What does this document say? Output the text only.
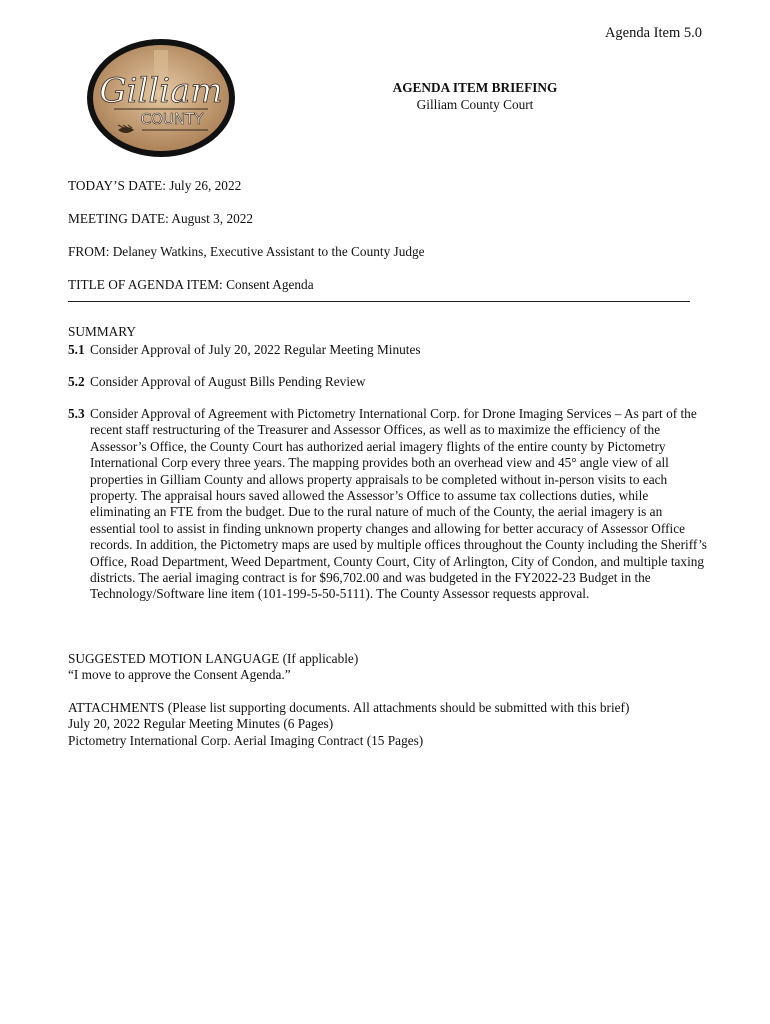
Agenda Item 5.0
Gilliam
COUNTY
AGENDA ITEM BRIEFING
Gilliam County Court
TODAY’S DATE: July 26, 2022
MEETING DATE: August 3, 2022
FROM: Delaney Watkins, Executive Assistant to the County Judge
TITLE OF AGENDA ITEM: Consent Agenda
SUMMARY
5.1 Consider Approval of July 20, 2022 Regular Meeting Minutes
5.2 Consider Approval of August Bills Pending Review
5.3 Consider Approval of Agreement with Pictometry International Corp. for Drone Imaging Services – As part of the recent staff restructuring of the Treasurer and Assessor Offices, as well as to maximize the efficiency of the Assessor’s Office, the County Court has authorized aerial imagery flights of the entire county by Pictometry International Corp every three years. The mapping provides both an overhead view and 45° angle view of all properties in Gilliam County and allows property appraisals to be completed without in-person visits to each property. The appraisal hours saved allowed the Assessor’s Office to assume tax collections duties, while eliminating an FTE from the budget. Due to the rural nature of much of the County, the aerial imagery is an essential tool to assist in finding unknown property changes and allowing for better accuracy of Assessor Office records. In addition, the Pictometry maps are used by multiple offices throughout the County including the Sheriff’s Office, Road Department, Weed Department, County Court, City of Arlington, City of Condon, and multiple taxing districts. The aerial imaging contract is for $96,702.00 and was budgeted in the FY2022-23 Budget in the Technology/Software line item (101-199-5-50-5111). The County Assessor requests approval.
SUGGESTED MOTION LANGUAGE (If applicable)
“I move to approve the Consent Agenda.”
ATTACHMENTS (Please list supporting documents. All attachments should be submitted with this brief)
July 20, 2022 Regular Meeting Minutes (6 Pages)
Pictometry International Corp. Aerial Imaging Contract (15 Pages)
